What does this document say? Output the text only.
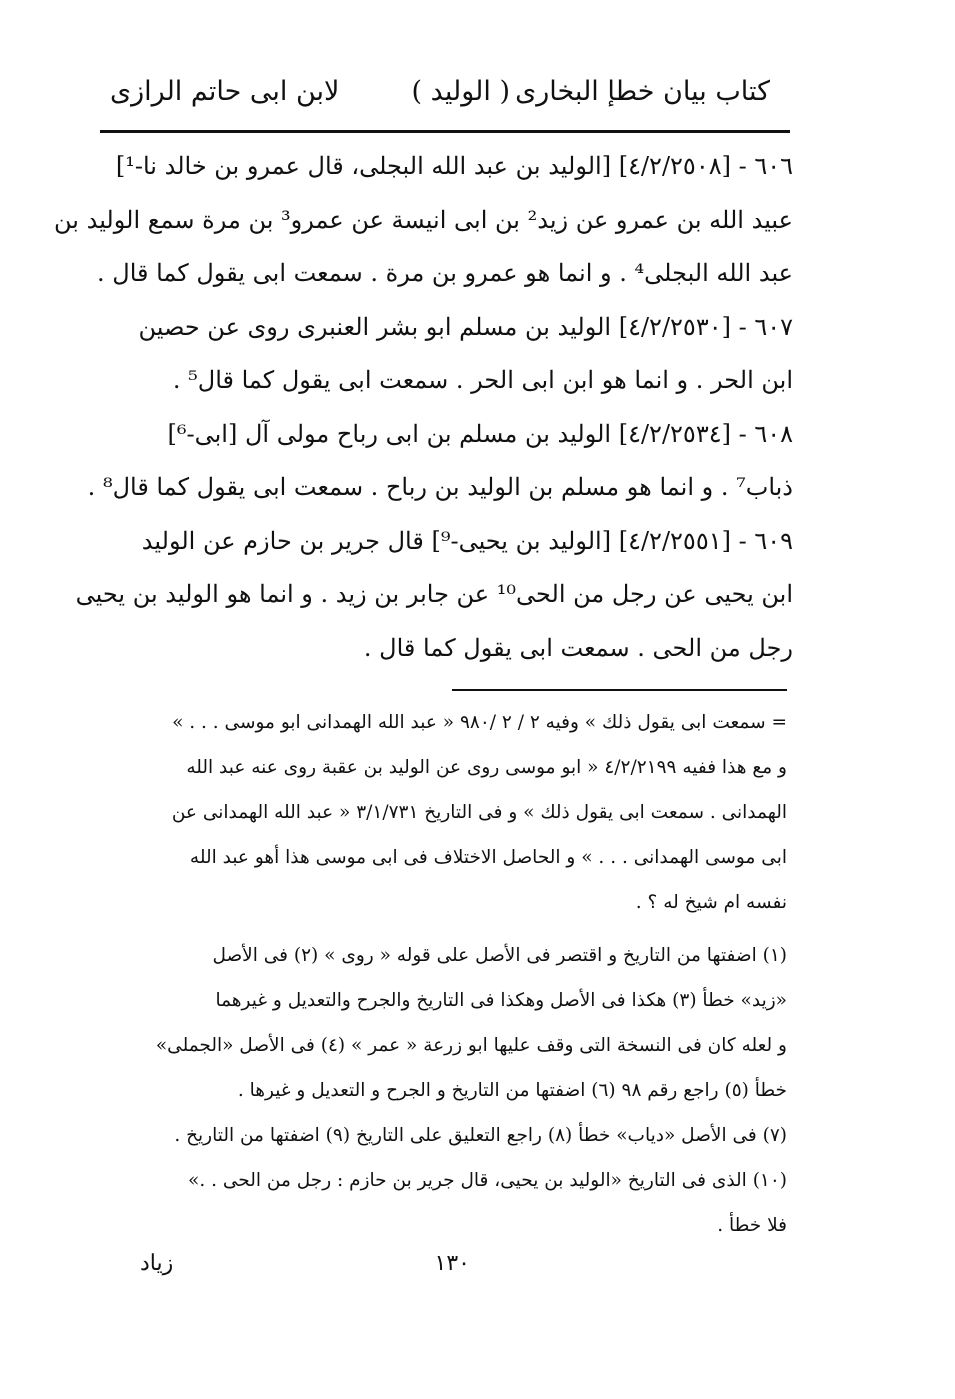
كتاب بيان خطإ البخارى
( الوليد )
لابن ابى حاتم الرازى
٦٠٦ - [٤/٢/٢٥٠٨] [الوليد بن عبد الله البجلى، قال عمرو بن خالد نا-¹]
عبيد الله بن عمرو عن زيد² بن ابى انيسة عن عمرو³ بن مرة سمع الوليد بن
عبد الله البجلى⁴ . و انما هو عمرو بن مرة . سمعت ابى يقول كما قال .
٦٠٧ - [٤/٢/٢٥٣٠] الوليد بن مسلم ابو بشر العنبرى روى عن حصين
ابن الحر . و انما هو ابن ابى الحر . سمعت ابى يقول كما قال⁵ .
٦٠٨ - [٤/٢/٢٥٣٤] الوليد بن مسلم بن ابى رباح مولى آل [ابى-⁶]
ذباب⁷ . و انما هو مسلم بن الوليد بن رباح . سمعت ابى يقول كما قال⁸ .
٦٠٩ - [٤/٢/٢٥٥١] [الوليد بن يحيى-⁹] قال جرير بن حازم عن الوليد
ابن يحيى عن رجل من الحى¹⁰ عن جابر بن زيد . و انما هو الوليد بن يحيى
رجل من الحى . سمعت ابى يقول كما قال .
= سمعت ابى يقول ذلك » وفيه ٢ / ٢ /٩٨٠ « عبد الله الهمدانى ابو موسى . . . »
و مع هذا ففيه ٤/٢/٢١٩٩ « ابو موسى روى عن الوليد بن عقبة روى عنه عبد الله
الهمدانى . سمعت ابى يقول ذلك » و فى التاريخ ٣/١/٧٣١ « عبد الله الهمدانى عن
ابى موسى الهمدانى . . . » و الحاصل الاختلاف فى ابى موسى هذا أهو عبد الله
نفسه ام شيخ له ؟ .
(١) اضفتها من التاريخ و اقتصر فى الأصل على قوله « روى » (٢) فى الأصل
«زيد» خطأ (٣) هكذا فى الأصل وهكذا فى التاريخ والجرح والتعديل و غيرهما
و لعله كان فى النسخة التى وقف عليها ابو زرعة « عمر » (٤) فى الأصل «الجملى»
خطأ (٥) راجع رقم ٩٨ (٦) اضفتها من التاريخ و الجرح و التعديل و غيرها .
(٧) فى الأصل «دياب» خطأ (٨) راجع التعليق على التاريخ (٩) اضفتها من التاريخ .
(١٠) الذى فى التاريخ «الوليد بن يحيى، قال جرير بن حازم : رجل من الحى . .»
فلا خطأ .
١٣٠
زياد
